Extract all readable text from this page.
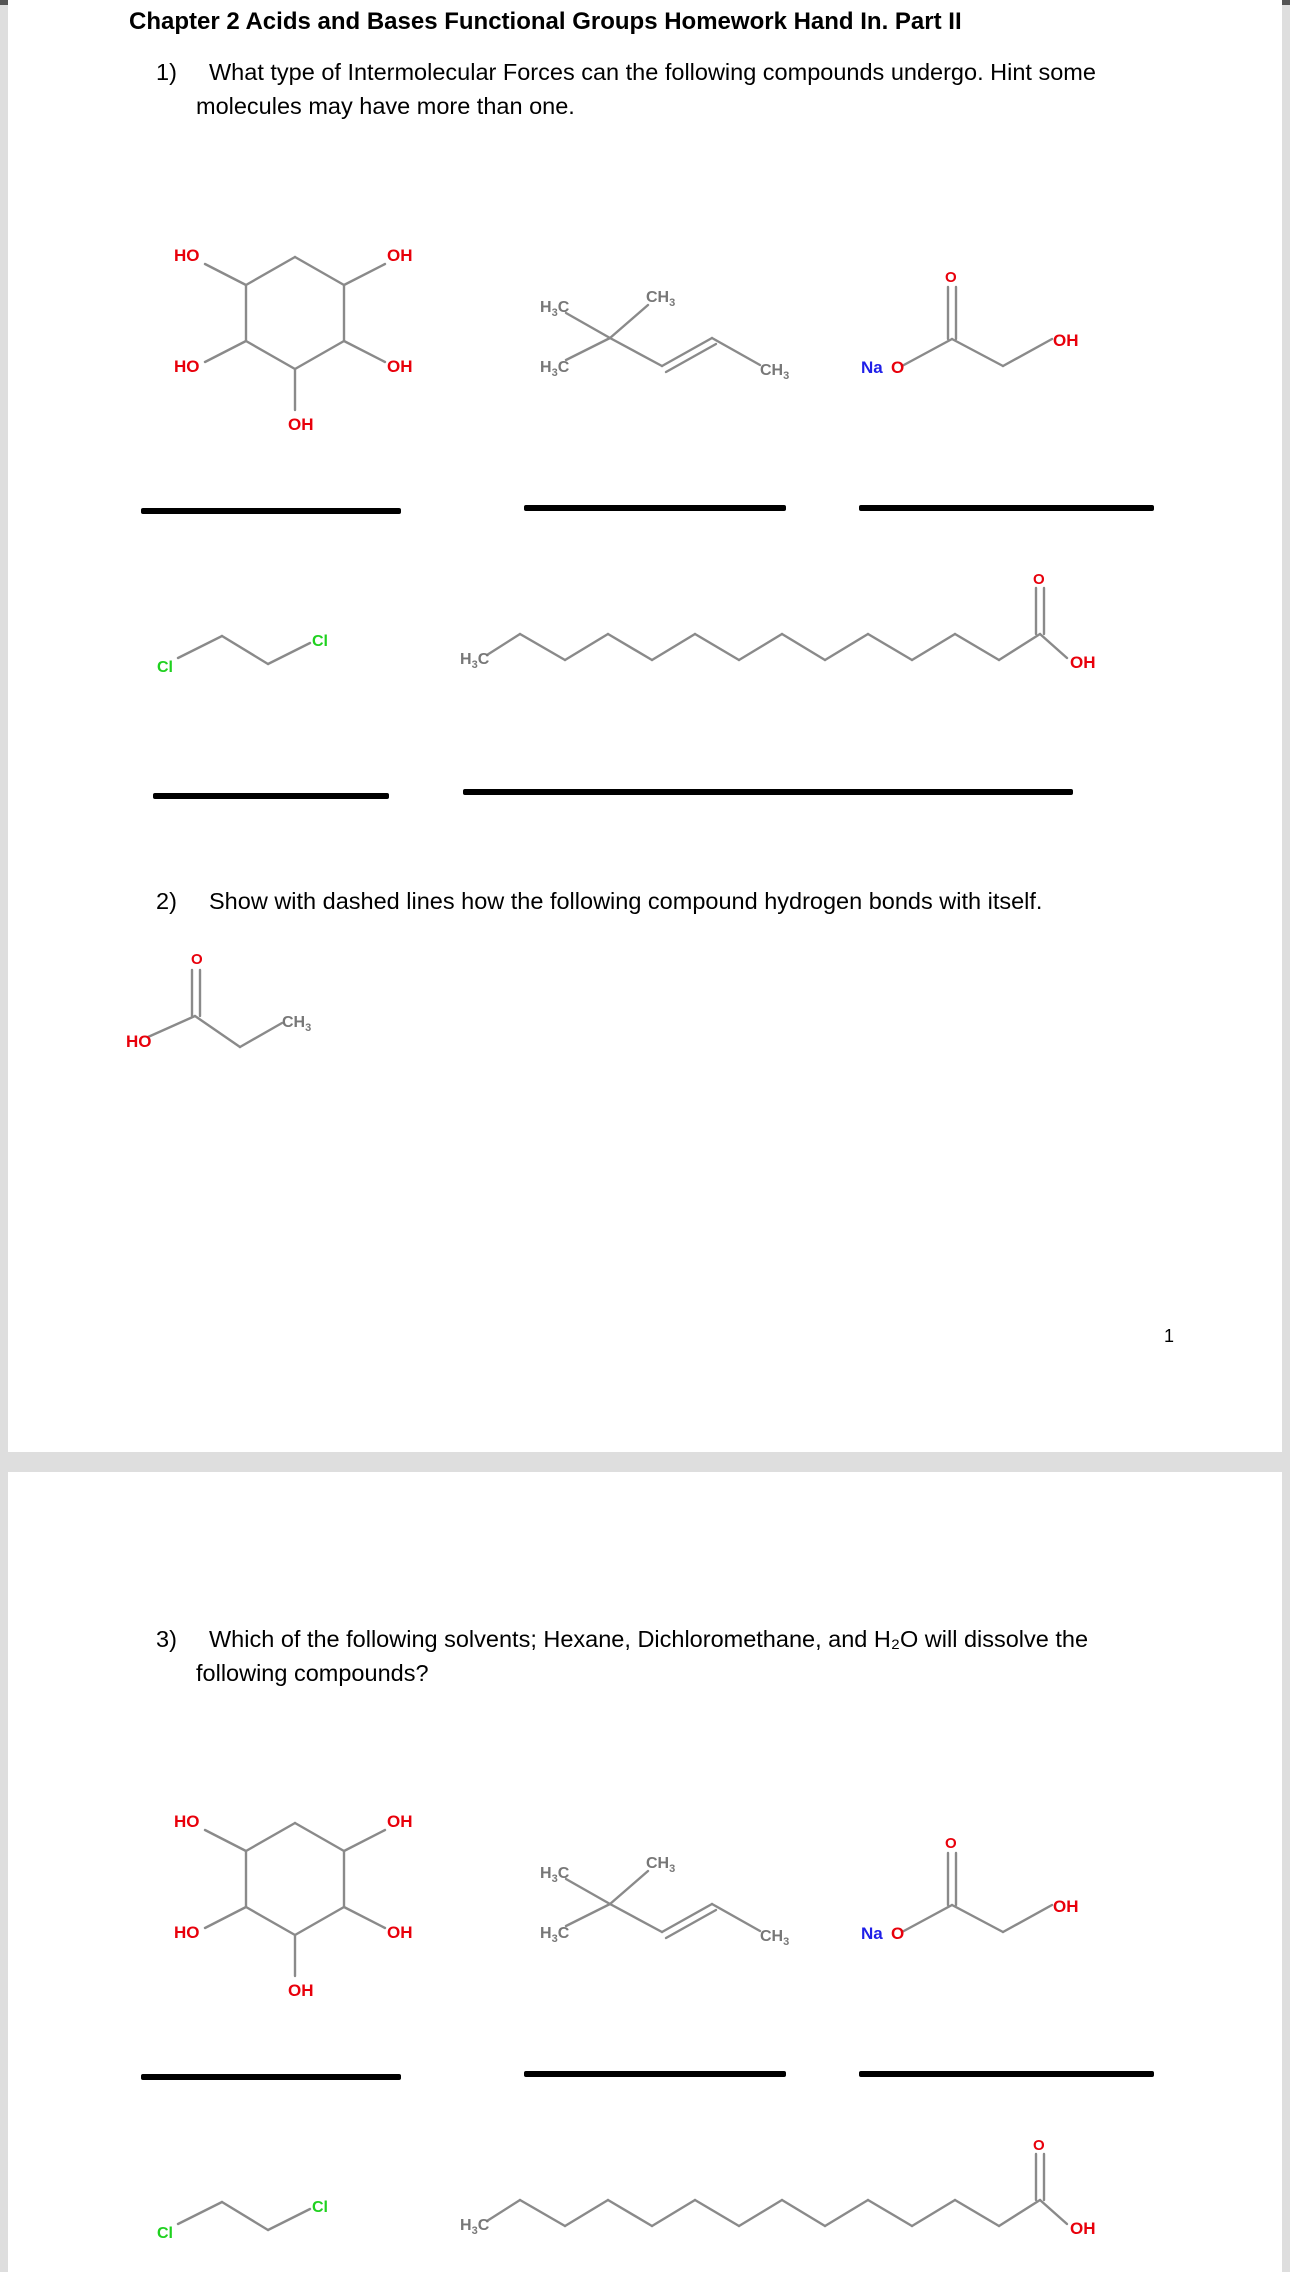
Chapter 2 Acids and Bases Functional Groups Homework Hand In. Part II
1) What type of Intermolecular Forces can the following compounds undergo. Hint some
molecules may have more than one.
2) Show with dashed lines how the following compound hydrogen bonds with itself.
1
3) Which of the following solvents; Hexane, Dichloromethane, and H₂O will dissolve the
following compounds?
HO	OH
HO	OH
OH
$H_3C$
$H_3C$
$CH_3$
$CH_3$	Na O
O
OH
Cl
Cl
$H_3C$
O
OH
HO
O
$CH_3$
HO	OH
HO	OH
OH
$H_3C$
$H_3C$
$CH_3$
$CH_3$	Na O
O
OH
Cl
Cl
$H_3C$
O
OH
